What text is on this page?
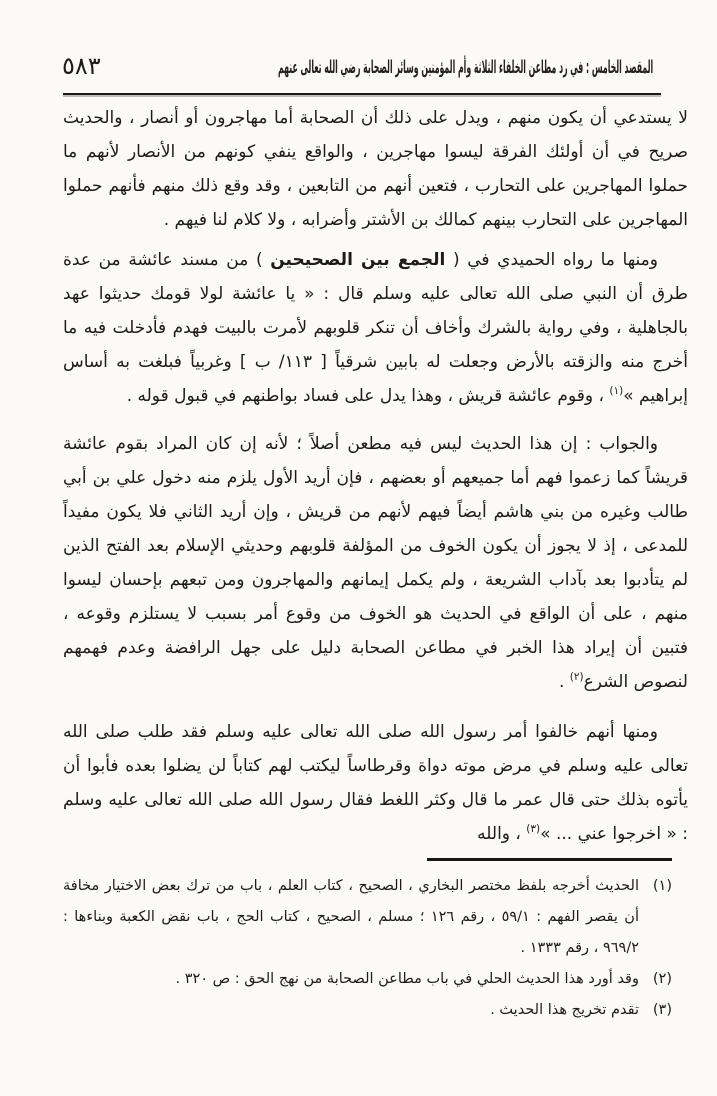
٥٨٣	المقصد الخامس : في رد مطاعن الخلفاء الثلاثة وأم المؤمنين وسائر الصحابة رضي الله تعالى عنهم

لا يستدعي أن يكون منهم ، ويدل على ذلك أن الصحابة أما مهاجرون أو أنصار ، والحديث صريح في أن أولئك الفرقة ليسوا مهاجرين ، والواقع ينفي كونهم من الأنصار لأنهم ما حملوا المهاجرين على التحارب ، فتعين أنهم من التابعين ، وقد وقع ذلك منهم فأنهم حملوا المهاجرين على التحارب بينهم كمالك بن الأشتر وأضرابه ، ولا كلام لنا فيهم .

ومنها ما رواه الحميدي في ( الجمع بين الصحيحين ) من مسند عائشة من عدة طرق أن النبي صلى الله تعالى عليه وسلم قال : « يا عائشة لولا قومك حديثوا عهد بالجاهلية ، وفي رواية بالشرك وأخاف أن تنكر قلوبهم لأمرت بالبيت فهدم فأدخلت فيه ما أخرج منه والزقته بالأرض وجعلت له بابين شرقياً [ ١١٣/ ب ] وغربياً فبلغت به أساس إبراهيم »$^{(١)}$ ، وقوم عائشة قريش ، وهذا يدل على فساد بواطنهم في قبول قوله .

والجواب : إن هذا الحديث ليس فيه مطعن أصلاً ؛ لأنه إن كان المراد بقوم عائشة قريشاً كما زعموا فهم أما جميعهم أو بعضهم ، فإن أريد الأول يلزم منه دخول علي بن أبي طالب وغيره من بني هاشم أيضاً فيهم لأنهم من قريش ، وإن أريد الثاني فلا يكون مفيداً للمدعى ، إذ لا يجوز أن يكون الخوف من المؤلفة قلوبهم وحديثي الإسلام بعد الفتح الذين لم يتأدبوا بعد بآداب الشريعة ، ولم يكمل إيمانهم والمهاجرون ومن تبعهم بإحسان ليسوا منهم ، على أن الواقع في الحديث هو الخوف من وقوع أمر بسبب لا يستلزم وقوعه ، فتبين أن إيراد هذا الخبر في مطاعن الصحابة دليل على جهل الرافضة وعدم فهمهم لنصوص الشرع$^{(٢)}$ .

ومنها أنهم خالفوا أمر رسول الله صلى الله تعالى عليه وسلم فقد طلب صلى الله تعالى عليه وسلم في مرض موته دواة وقرطاساً ليكتب لهم كتاباً لن يضلوا بعده فأبوا أن يأتوه بذلك حتى قال عمر ما قال وكثر اللغط فقال رسول الله صلى الله تعالى عليه وسلم : « اخرجوا عني ... »$^{(٣)}$ ، والله

(١)
الحديث أخرجه بلفظ مختصر البخاري ، الصحيح ، كتاب العلم ، باب من ترك بعض الاختيار مخافة أن يقصر الفهم : ٥٩/١ ، رقم ١٢٦ ؛ مسلم ، الصحيح ، كتاب الحج ، باب نقض الكعبة وبناءها : ٩٦٩/٢ ، رقم ١٣٣٣ .
(٢)
وقد أورد هذا الحديث الحلي في باب مطاعن الصحابة من نهج الحق : ص ٣٢٠ .
(٣)
تقدم تخريج هذا الحديث .
